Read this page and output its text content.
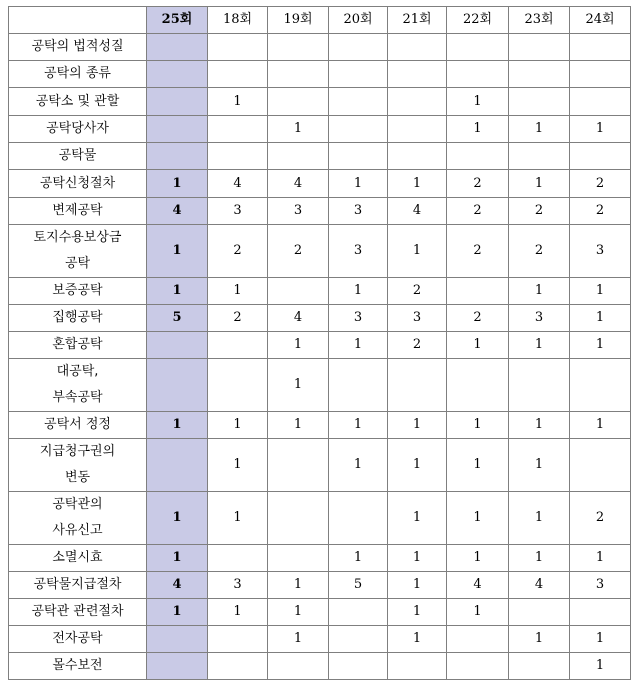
	25회	18회	19회	20회	21회	22회	23회	24회
공탁의 법적성질								
공탁의 종류								
공탁소 및 관할		1				1		
공탁당사자			1			1	1	1
공탁물								
공탁신청절차	1	4	4	1	1	2	1	2
변제공탁	4	3	3	3	4	2	2	2
토지수용보상금
공탁	1	2	2	3	1	2	2	3
보증공탁	1	1		1	2		1	1
집행공탁	5	2	4	3	3	2	3	1
혼합공탁			1	1	2	1	1	1
대공탁,
부속공탁			1					
공탁서 정정	1	1	1	1	1	1	1	1
지급청구권의
변동		1		1	1	1	1	
공탁관의
사유신고	1	1			1	1	1	2
소멸시효	1			1	1	1	1	1
공탁물지급절차	4	3	1	5	1	4	4	3
공탁관 관련절차	1	1	1		1	1		
전자공탁			1		1		1	1
몰수보전								1
